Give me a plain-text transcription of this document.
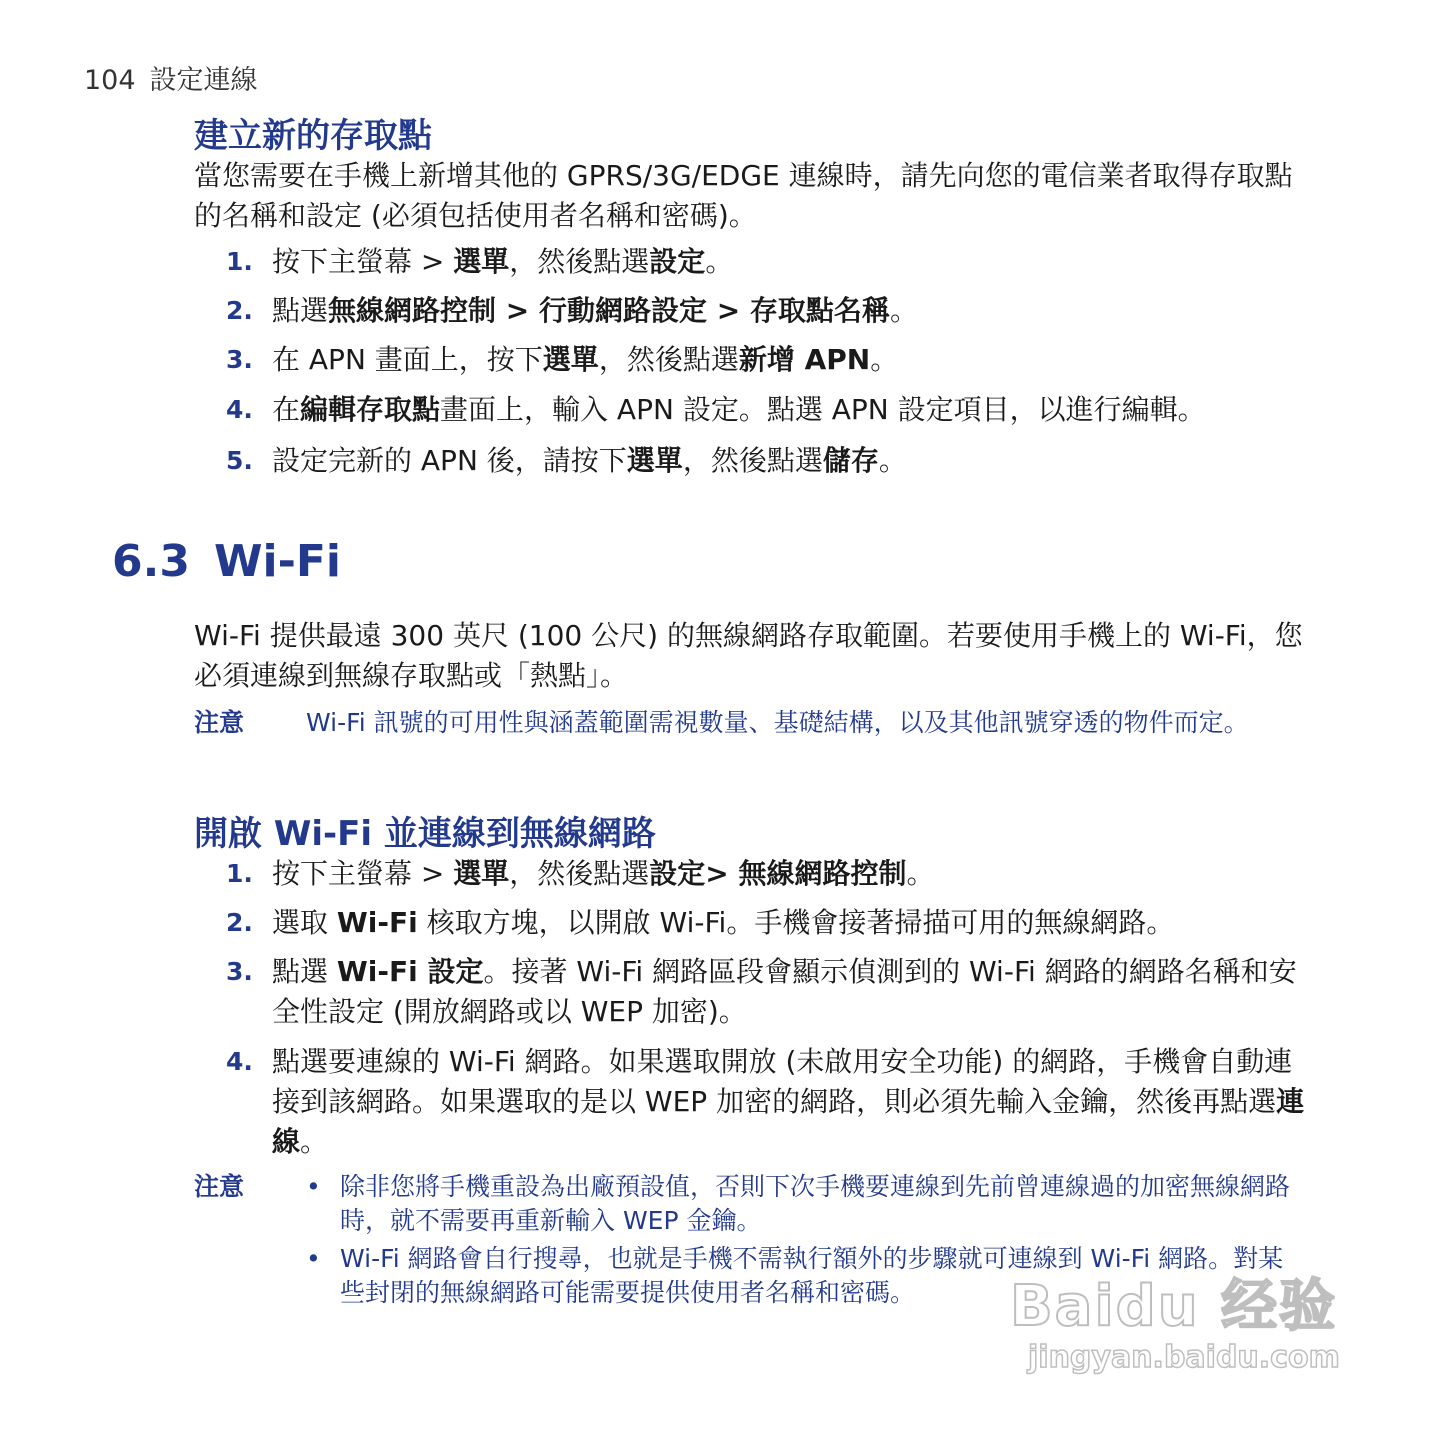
104 設定連線
建立新的存取點

當您需要在手機上新增其他的 GPRS/3G/EDGE 連線時，請先向您的電信業者取得存取點的名稱和設定 (必須包括使用者名稱和密碼)。

1. 按下主螢幕 > 選單，然後點選設定。
2. 點選無線網路控制 > 行動網路設定 > 存取點名稱。
3. 在 APN 畫面上，按下選單，然後點選新增 APN。
4. 在編輯存取點畫面上，輸入 APN 設定。點選 APN 設定項目，以進行編輯。
5. 設定完新的 APN 後，請按下選單，然後點選儲存。
6.3 Wi-Fi

Wi-Fi 提供最遠 300 英尺 (100 公尺) 的無線網路存取範圍。若要使用手機上的 Wi-Fi，您必須連線到無線存取點或「熱點」。

注意 Wi-Fi 訊號的可用性與涵蓋範圍需視數量、基礎結構，以及其他訊號穿透的物件而定。
開啟 Wi-Fi 並連線到無線網路
1. 按下主螢幕 > 選單，然後點選設定> 無線網路控制。
2. 選取 Wi-Fi 核取方塊，以開啟 Wi-Fi。手機會接著掃描可用的無線網路。
3. 點選 Wi-Fi 設定。接著 Wi-Fi 網路區段會顯示偵測到的 Wi-Fi 網路的網路名稱和安全性設定 (開放網路或以 WEP 加密)。
4. 點選要連線的 Wi-Fi 網路。如果選取開放 (未啟用安全功能) 的網路，手機會自動連接到該網路。如果選取的是以 WEP 加密的網路，則必須先輸入金鑰，然後再點選連線。
注意 • 除非您將手機重設為出廠預設值，否則下次手機要連線到先前曾連線過的加密無線網路時，就不需要再重新輸入 WEP 金鑰。
• Wi-Fi 網路會自行搜尋，也就是手機不需執行額外的步驟就可連線到 Wi-Fi 網路。對某些封閉的無線網路可能需要提供使用者名稱和密碼。	Baidu 经验
jingyan.baidu.com
